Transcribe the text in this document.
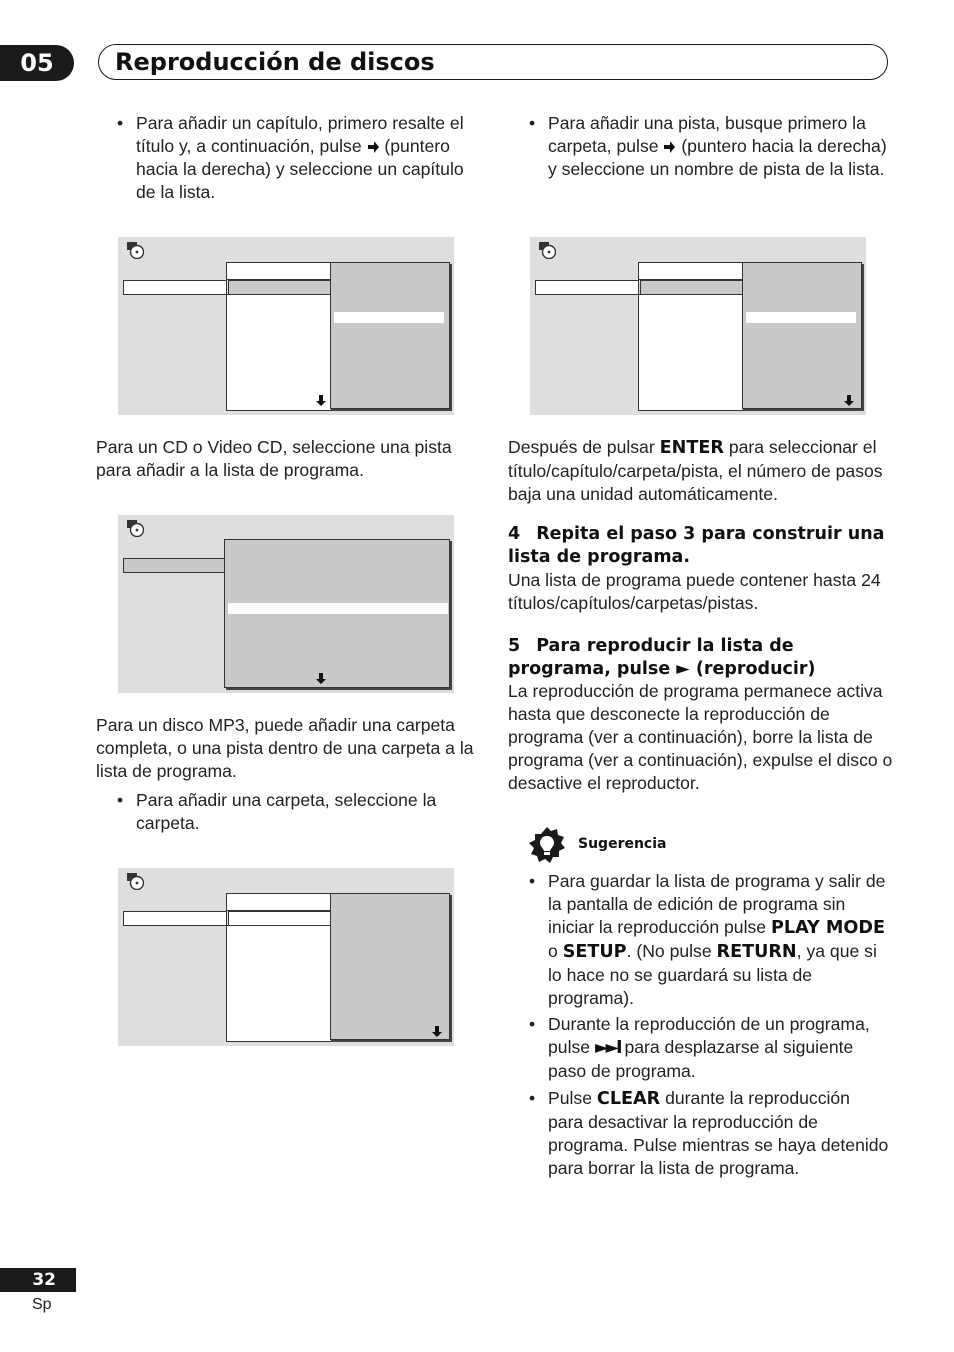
05	Reproducción de discos
• Para añadir un capítulo, primero resalte el título y, a continuación, pulse (puntero hacia la derecha) y seleccione un capítulo de la lista.
Para un CD o Video CD, seleccione una pista para añadir a la lista de programa.
Para un disco MP3, puede añadir una carpeta completa, o una pista dentro de una carpeta a la lista de programa.
• Para añadir una carpeta, seleccione la carpeta.
• Para añadir una pista, busque primero la carpeta, pulse (puntero hacia la derecha) y seleccione un nombre de pista de la lista.
Después de pulsar ENTER para seleccionar el título/capítulo/carpeta/pista, el número de pasos baja una unidad automáticamente.
4 Repita el paso 3 para construir una lista de programa.
Una lista de programa puede contener hasta 24 títulos/capítulos/carpetas/pistas.
5 Para reproducir la lista de programa, pulse ► (reproducir)
La reproducción de programa permanece activa hasta que desconecte la reproducción de programa (ver a continuación), borre la lista de programa (ver a continuación), expulse el disco o desactive el reproductor.
Sugerencia
• Para guardar la lista de programa y salir de la pantalla de edición de programa sin iniciar la reproducción pulse PLAY MODE o SETUP. (No pulse RETURN, ya que si lo hace no se guardará su lista de programa).
• Durante la reproducción de un programa, pulse ►►I para desplazarse al siguiente paso de programa.
• Pulse CLEAR durante la reproducción para desactivar la reproducción de programa. Pulse mientras se haya detenido para borrar la lista de programa.
32
Sp
